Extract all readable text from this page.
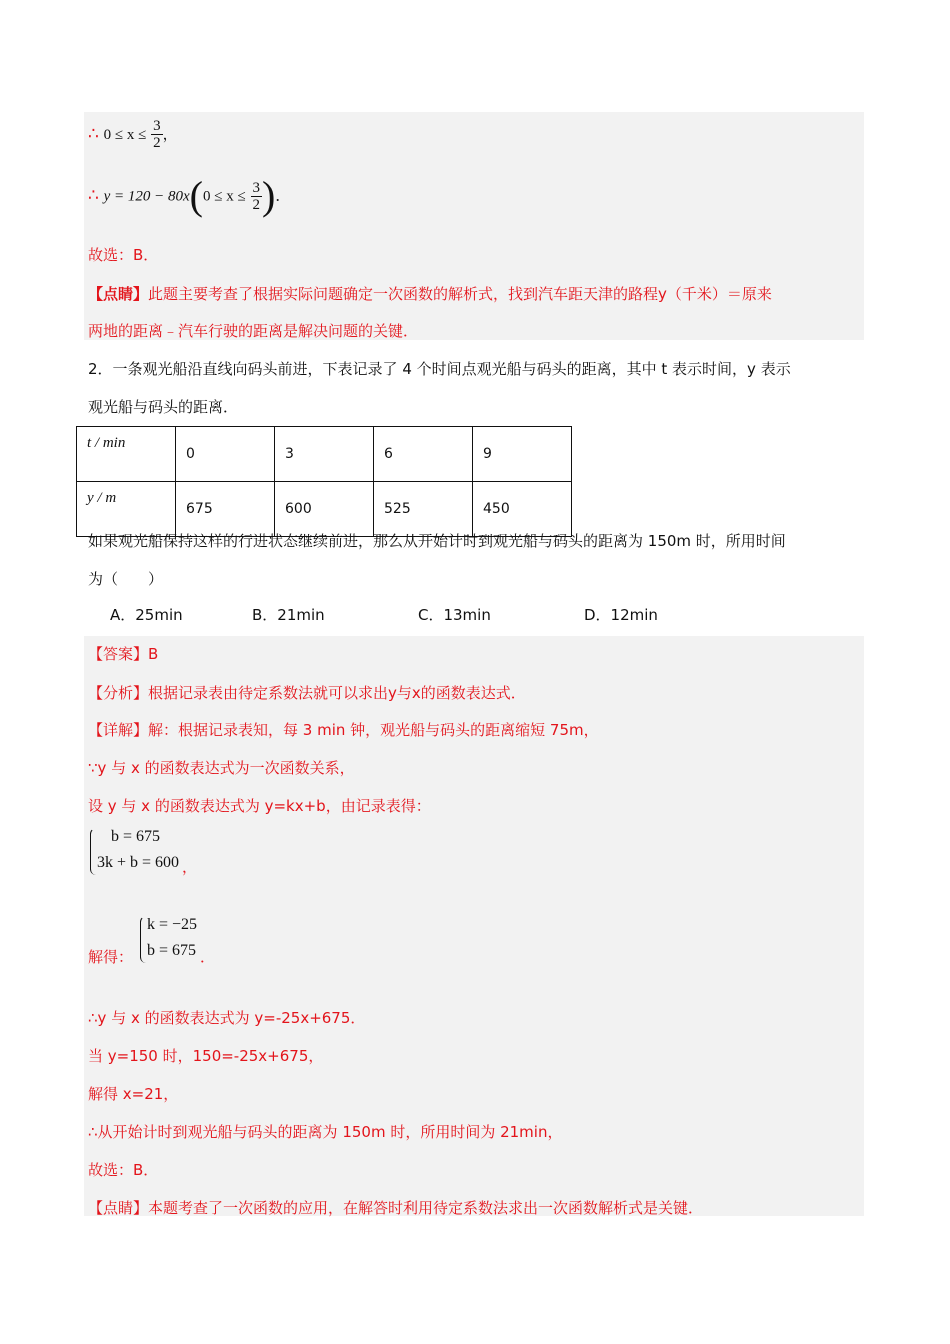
∴ $0 \le x \le \frac{3}{2}$ ，
∴ $y = 120 - 80x(0 \le x \le \frac{3}{2}$ )．
故选：B．
【点睛】此题主要考查了根据实际问题确定一次函数的解析式，找到汽车距天津的路程y（千米）＝原来
两地的距离﹣汽车行驶的距离是解决问题的关键．
2．一条观光船沿直线向码头前进，下表记录了 4 个时间点观光船与码头的距离，其中 t 表示时间，y 表示
观光船与码头的距离．
t / min	0	3	6	9
y / m	675	600	525	450
如果观光船保持这样的行进状态继续前进，那么从开始计时到观光船与码头的距离为 150m 时，所用时间
为（　　）
A．25min	B．21min	C．13min	D．12min
【答案】B
【分析】根据记录表由待定系数法就可以求出y与x的函数表达式．
【详解】解：根据记录表知，每 3 min 钟，观光船与码头的距离缩短 75m，
∵y 与 x 的函数表达式为一次函数关系，
设 y 与 x 的函数表达式为 y=kx+b，由记录表得：
b = 675
3k + b = 600 ，
解得：
k = −25
b = 675 ．
∴y 与 x 的函数表达式为 y=-25x+675．
当 y=150 时，150=-25x+675，
解得 x=21，
∴从开始计时到观光船与码头的距离为 150m 时，所用时间为 21min，
故选：B．
【点睛】本题考查了一次函数的应用，在解答时利用待定系数法求出一次函数解析式是关键．
